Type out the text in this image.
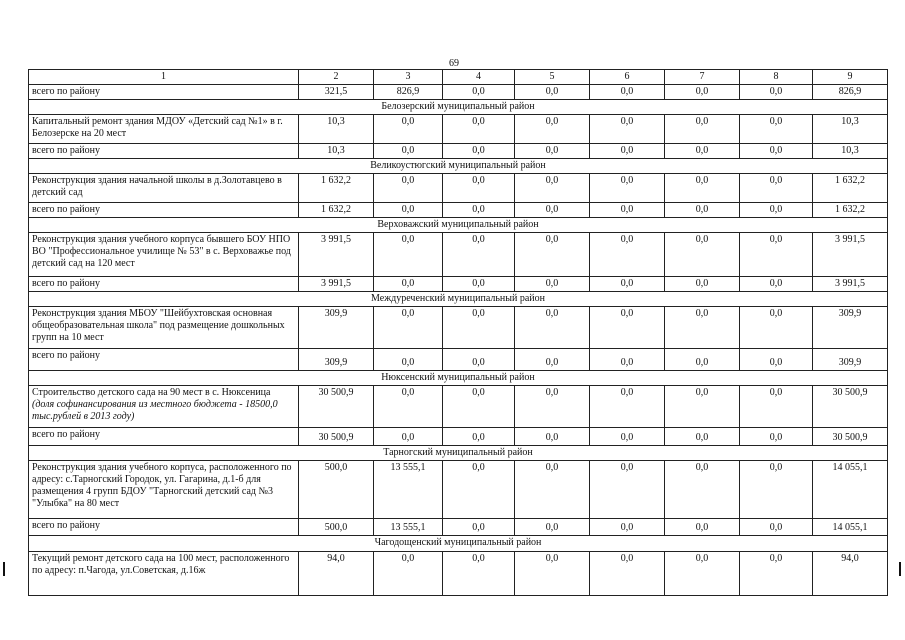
69
1	2	3	4	5	6	7	8	9
всего по району	321,5	826,9	0,0	0,0	0,0	0,0	0,0	826,9
Белозерский муниципальный район								
Капитальный ремонт здания МДОУ «Детский сад №1» в г. Белозерске на 20 мест	10,3	0,0	0,0	0,0	0,0	0,0	0,0	10,3
всего по району	10,3	0,0	0,0	0,0	0,0	0,0	0,0	10,3
Великоустюгский муниципальный район								
Реконструкция здания начальной школы в д.Золотавцево в детский сад	1 632,2	0,0	0,0	0,0	0,0	0,0	0,0	1 632,2
всего по району	1 632,2	0,0	0,0	0,0	0,0	0,0	0,0	1 632,2
Верховажский муниципальный район								
Реконструкция здания учебного корпуса бывшего БОУ НПО ВО "Профессиональное училище № 53" в с. Верховажье под детский сад на 120 мест	3 991,5	0,0	0,0	0,0	0,0	0,0	0,0	3 991,5
всего по району	3 991,5	0,0	0,0	0,0	0,0	0,0	0,0	3 991,5
Междуреченский муниципальный район								
Реконструкция здания МБОУ "Шейбухтовская основная общеобразовательная школа" под размещение дошкольных групп на 10 мест	309,9	0,0	0,0	0,0	0,0	0,0	0,0	309,9
всего по району	309,9	0,0	0,0	0,0	0,0	0,0	0,0	309,9
Нюксенский муниципальный район								
Строительство детского сада на 90 мест в с. Нюксеница (доля софинансирования из местного бюджета - 18500,0 тыс.рублей в 2013 году)	30 500,9	0,0	0,0	0,0	0,0	0,0	0,0	30 500,9
всего по району	30 500,9	0,0	0,0	0,0	0,0	0,0	0,0	30 500,9
Тарногский муниципальный район								
Реконструкция здания учебного корпуса, расположенного по адресу: с.Тарногский Городок, ул. Гагарина, д.1-б для размещения 4 групп БДОУ "Тарногский детский сад №3 "Улыбка" на 80 мест	500,0	13 555,1	0,0	0,0	0,0	0,0	0,0	14 055,1
всего по району	500,0	13 555,1	0,0	0,0	0,0	0,0	0,0	14 055,1
Чагодощенский муниципальный район								
Текущий ремонт детского сада на 100 мест, расположенного по адресу: п.Чагода, ул.Советская, д.16ж	94,0	0,0	0,0	0,0	0,0	0,0	0,0	94,0
